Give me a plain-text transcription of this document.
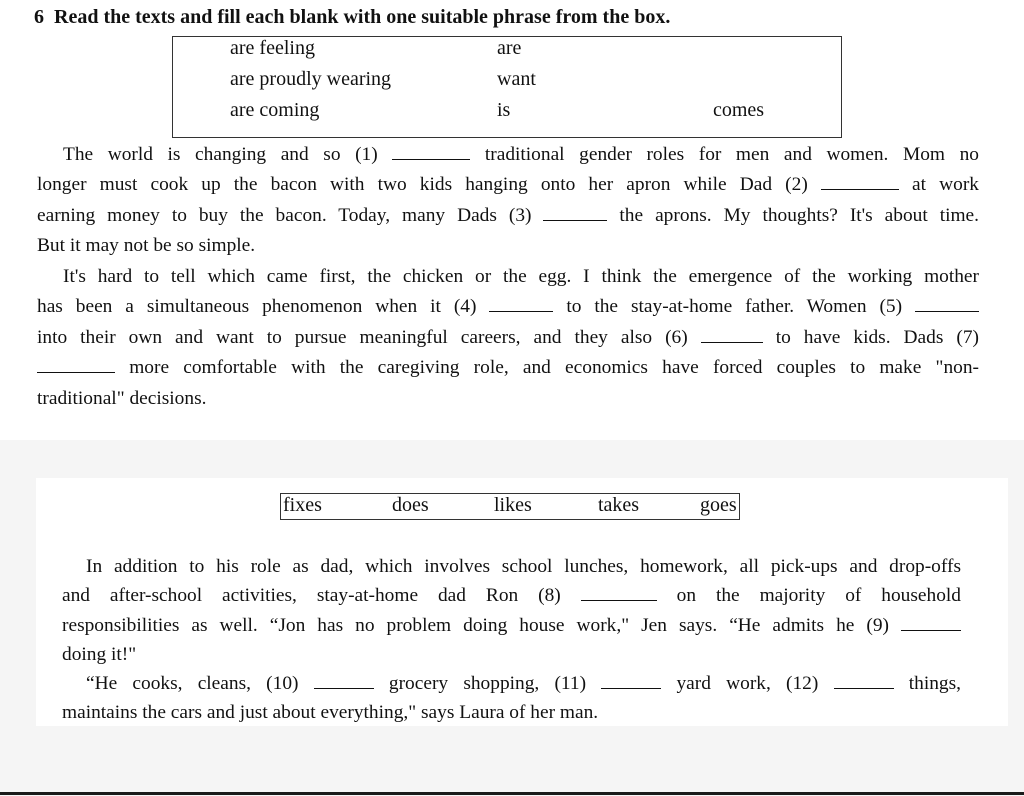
6 Read the texts and fill each blank with one suitable phrase from the box.
are feeling
are proudly wearing
are coming
are
want
is	comes
The world is changing and so (1)	traditional gender roles for men and women. Mom no
longer must cook up the bacon with two kids hanging onto her apron while Dad (2)	at work
earning money to buy the bacon. Today, many Dads (3)	the aprons. My thoughts? It's about time.
But it may not be so simple.
It's hard to tell which came first, the chicken or the egg. I think the emergence of the working mother
has been a simultaneous phenomenon when it (4)	to the stay-at-home father. Women (5)
into their own and want to pursue meaningful careers, and they also (6)	to have kids. Dads (7)
more comfortable with the caregiving role, and economics have forced couples to make "non-
traditional" decisions.
fixes	does	likes	takes	goes
In addition to his role as dad, which involves school lunches, homework, all pick-ups and drop-offs
and after-school activities, stay-at-home dad Ron (8)	on the majority of household
responsibilities as well. “Jon has no problem doing house work," Jen says. “He admits he (9)
doing it!"
“He cooks, cleans, (10)	grocery shopping, (11)	yard work, (12)	things,
maintains the cars and just about everything," says Laura of her man.
